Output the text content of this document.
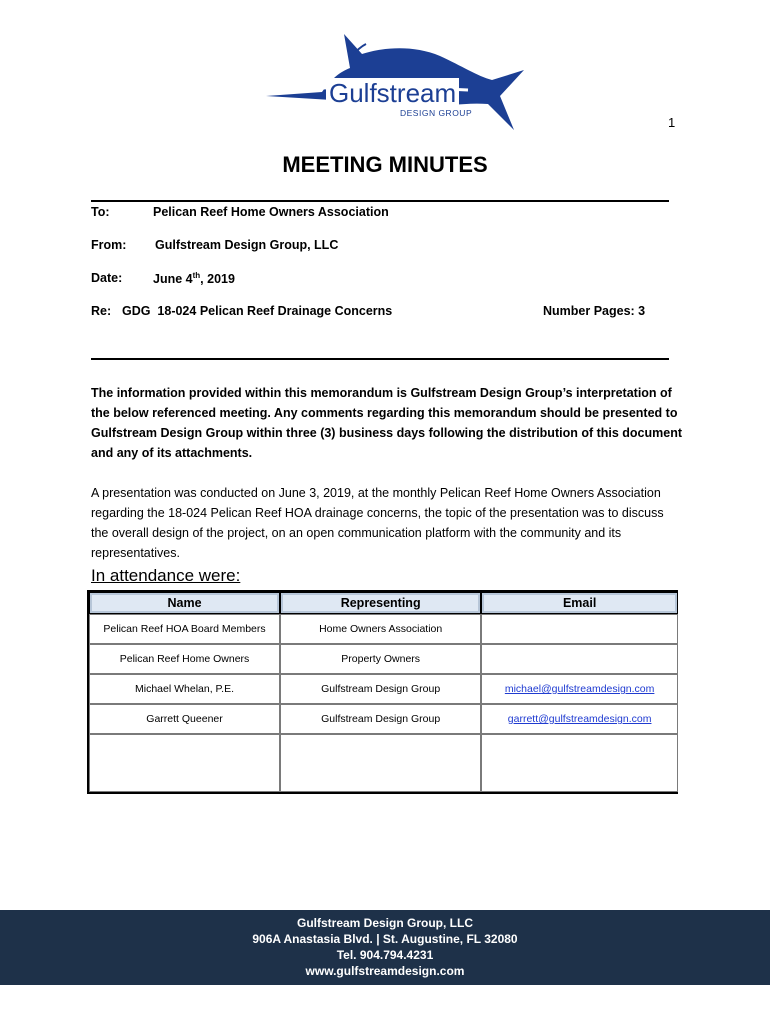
Gulfstream
DESIGN GROUP
1
MEETING MINUTES
To:	Pelican Reef Home Owners Association
From: Gulfstream Design Group, LLC
Date: June 4th, 2019
Re: GDG  18-024 Pelican Reef Drainage Concerns	Number Pages: 3
The information provided within this memorandum is Gulfstream Design Group’s interpretation of the below referenced meeting. Any comments regarding this memorandum should be presented to Gulfstream Design Group within three (3) business days following the distribution of this document and any of its attachments.
A presentation was conducted on June 3, 2019, at the monthly Pelican Reef Home Owners Association regarding the 18-024 Pelican Reef HOA drainage concerns, the topic of the presentation was to discuss the overall design of the project, on an open communication platform with the community and its representatives.
In attendance were:
Name	Representing	Email
Pelican Reef HOA Board Members	Home Owners Association	
Pelican Reef Home Owners	Property Owners	
Michael Whelan, P.E.	Gulfstream Design Group	michael@gulfstreamdesign.com
Garrett Queener	Gulfstream Design Group	garrett@gulfstreamdesign.com

Gulfstream Design Group, LLC
906A Anastasia Blvd. | St. Augustine, FL 32080
Tel. 904.794.4231
www.gulfstreamdesign.com
